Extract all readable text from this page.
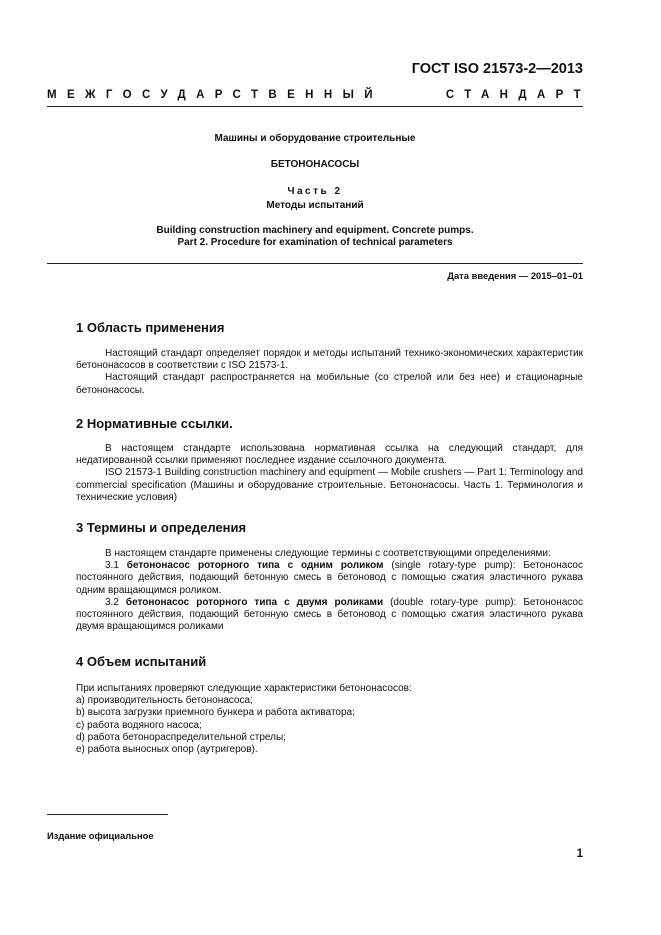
ГОСТ ISO 21573-2—2013
МЕЖГОСУДАРСТВЕННЫЙ	СТАНДАРТ
Машины и оборудование строительные
БЕТОНОНАСОСЫ
Часть 2
Методы испытаний
Building construction machinery and equipment. Concrete pumps.
Part 2. Procedure for examination of technical parameters
Дата введения — 2015–01–01
1 Область применения

Настоящий стандарт определяет порядок и методы испытаний технико-экономических характеристик бетононасосов в соответствии с ISO 21573-1.

Настоящий стандарт распространяется на мобильные (со стрелой или без нее) и стационарные бетононасосы.

2 Нормативные ссылки.

В настоящем стандарте использована нормативная ссылка на следующий стандарт, для недатированной ссылки применяют последнее издание ссылочного документа.

ISO 21573-1 Building construction machinery and equipment — Mobile crushers — Part 1: Terminology and commercial specification (Машины и оборудование строительные. Бетононасосы. Часть 1. Терминология и технические условия)

3 Термины и определения

В настоящем стандарте применены следующие термины с соответствующими определениями:

3.1 бетононасос роторного типа с одним роликом (single rotary-type pump): Бетононасос постоянного действия, подающий бетонную смесь в бетоновод с помощью сжатия эластичного рукава одним вращающимся роликом.

3.2 бетононасос роторного типа с двумя роликами (double rotary-type pump): Бетононасос постоянного действия, подающий бетонную смесь в бетоновод с помощью сжатия эластичного рукава двумя вращающимся роликами

4 Объем испытаний

При испытаниях проверяют следующие характеристики бетононасосов:

a) производительность бетононасоса;

b) высота загрузки приемного бункера и работа активатора;

c) работа водяного насоса;

d) работа бетонораспределительной стрелы;

e) работа выносных опор (аутригеров).

Издание официальное
1
